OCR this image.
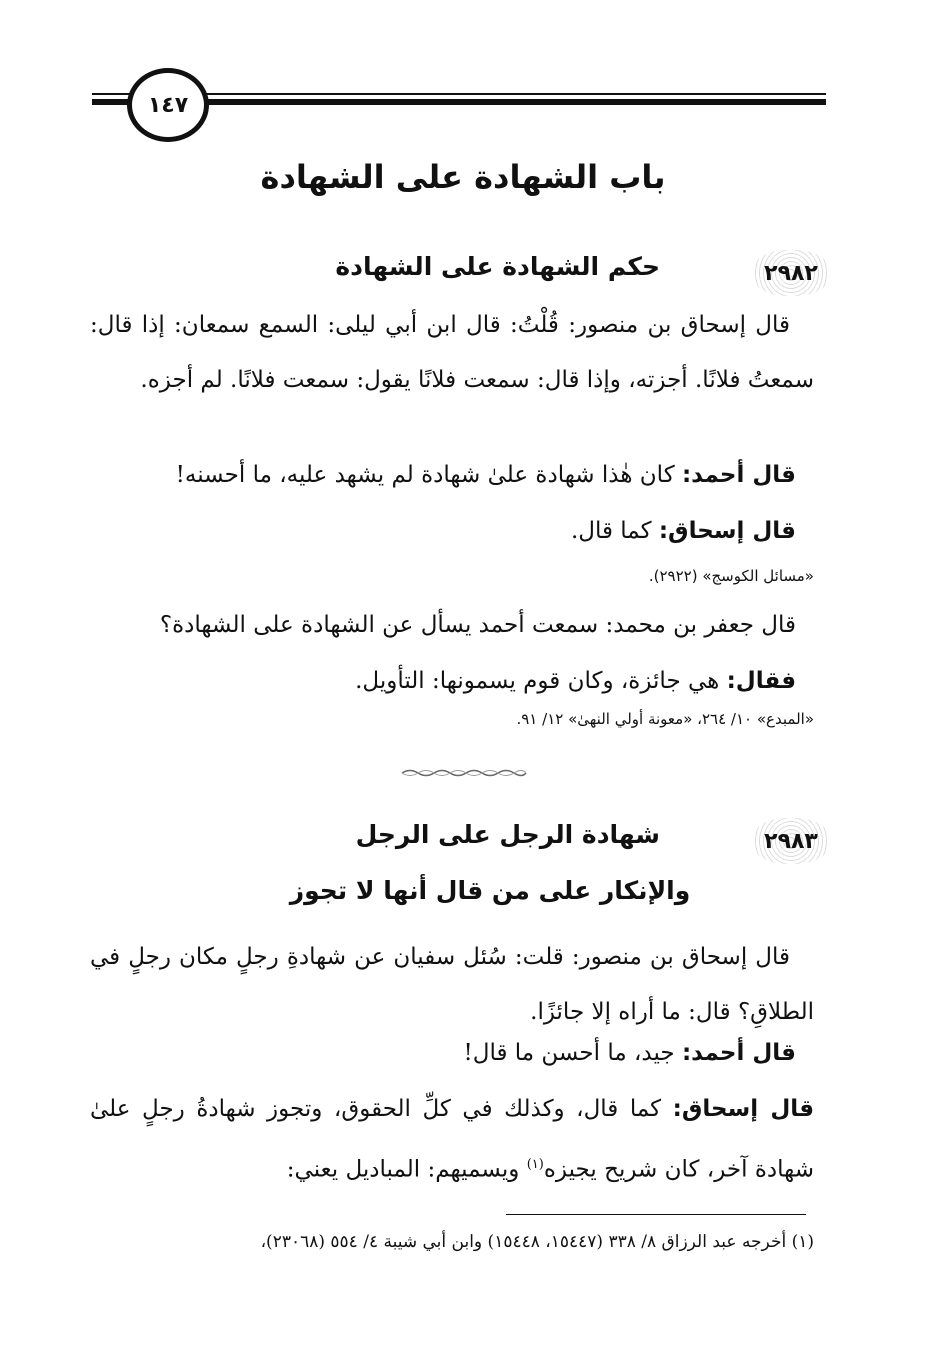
١٤٧
باب الشهادة على الشهادة
٢٩٨٢
حكم الشهادة على الشهادة
قال إسحاق بن منصور: قُلْتُ: قال ابن أبي ليلى: السمع سمعان: إذا قال: سمعتُ فلانًا. أجزته، وإذا قال: سمعت فلانًا يقول: سمعت فلانًا. لم أجزه.
قال أحمد: كان هٰذا شهادة علىٰ شهادة لم يشهد عليه، ما أحسنه!
قال إسحاق: كما قال.
«مسائل الكوسج» (٢٩٢٢).
قال جعفر بن محمد: سمعت أحمد يسأل عن الشهادة على الشهادة؟
فقال: هي جائزة، وكان قوم يسمونها: التأويل.
«المبدع» ١٠/ ٢٦٤، «معونة أولي النهىٰ» ١٢/ ٩١.
٢٩٨٣
شهادة الرجل على الرجل
والإنكار على من قال أنها لا تجوز
قال إسحاق بن منصور: قلت: سُئل سفيان عن شهادةِ رجلٍ مكان رجلٍ في الطلاقِ؟ قال: ما أراه إلا جائزًا.
قال أحمد: جيد، ما أحسن ما قال!
قال إسحاق: كما قال، وكذلك في كلِّ الحقوق، وتجوز شهادةُ رجلٍ علىٰ شهادة آخر، كان شريح يجيزه$^{(١)}$ ويسميهم: المباديل يعني:
(١) أخرجه عبد الرزاق ٨/ ٣٣٨ (١٥٤٤٧، ١٥٤٤٨) وابن أبي شيبة ٤/ ٥٥٤ (٢٣٠٦٨)،
